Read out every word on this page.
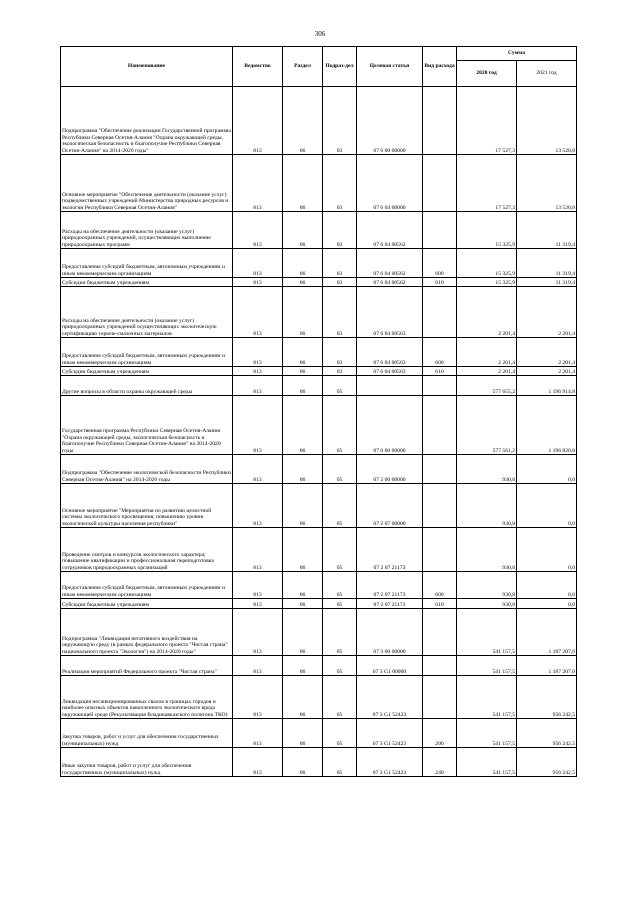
306
Наименование	Ведомство	Раздел	Подраз-дел	Целевая статья	Вид расхода	Сумма	
						2020 год	2021 год
Подпрограмма "Обеспечение реализации Государственной программы Республики Северная Осетия-Алания "Охрана окружающей среды, экологическая безопасность и благополучие Республики Северная Осетия-Алания" на 2014-2020 годы"	813	06	03	07 6 00 00000		17 527,3	13 520,8
Основное мероприятие "Обеспечение деятельности (оказание услуг) подведомственных учреждений Министерства природных ресурсов и экологии Республики Северная Осетия-Алания"	813	06	03	07 6 04 00000		17 527,3	13 520,8
Расходы на обеспечение деятельности (оказание услуг) природоохранных учреждений, осуществляющих выполнение природоохранных программ	813	06	03	07 6 04 00562		15 325,9	11 319,4
Предоставление субсидий бюджетным, автономным учреждениям и иным некоммерческим организациям	813	06	03	07 6 04 00562	600	15 325,9	11 319,4
Субсидии бюджетным учреждениям	813	06	03	07 6 04 00562	610	15 325,9	11 319,4
Расходы на обеспечение деятельности (оказание услуг) природоохранных учреждений осуществляющих экологическую сертификацию горюче-смазочных материалов	813	06	03	07 6 04 00563		2 201,4	2 201,4
Предоставление субсидий бюджетным, автономным учреждениям и иным некоммерческим организациям	813	06	03	07 6 04 00563	600	2 201,4	2 201,4
Субсидии бюджетным учреждениям	813	06	03	07 6 04 00563	610	2 201,4	2 201,4
Другие вопросы в области охраны окружающей среды	813	06	05			577 655,2	1 196 914,8
Государственная программа Республики Северная Осетия-Алания "Охрана окружающей среды, экологическая безопасность и благополучие Республики Северная Осетия-Алания" на 2014-2020 годы	813	06	05	07 0 00 00000		577 561,2	1 196 820,8
Подпрограмма "Обеспечение экологической безопасности Республики Северная Осетия-Алания" на 2014-2020 годы	813	06	05	07 2 00 00000		930,8	0,0
Основное мероприятие "Мероприятия по развитию целостной системы экологического просвещения, повышению уровня экологической культуры населения республики"	813	06	05	07 2 07 00000		930,8	0,0
Проведение смотров и конкурсов экологического характера; повышение квалификации и профессиональная переподготовка сотрудников природоохранных организаций	813	06	05	07 2 07 21173		930,8	0,0
Предоставление субсидий бюджетным, автономным учреждениям и иным некоммерческим организациям	813	06	05	07 2 07 21173	600	930,8	0,0
Субсидии бюджетным учреждениям	813	06	05	07 2 07 21173	610	930,8	0,0
Подпрограмма "Ликвидация негативного воздействия на окружающую среду (в рамках федерального проекта "Чистая страна" национального проекта "Экология") на 2014-2020 годы"	813	06	05	07 3 00 00000		541 157,5	1 187 207,6
Реализация мероприятий Федерального проекта "Чистая страна"	813	06	05	07 3 G1 00000		541 157,5	1 187 207,6
Ликвидация несанкционированных свалок в границах городов и наиболее опасных объектов накопленного экологического вреда окружающей среде (Рекультивация Владикавказского полигона ТКО)	813	06	05	07 3 G1 52423		541 157,5	956 242,5
Закупка товаров, работ и услуг для обеспечения государственных (муниципальных) нужд	813	06	05	07 3 G1 52423	200	541 157,5	956 242,5
Иные закупки товаров, работ и услуг для обеспечения государственных (муниципальных) нужд	813	06	05	07 3 G1 52423	240	541 157,5	956 242,5
